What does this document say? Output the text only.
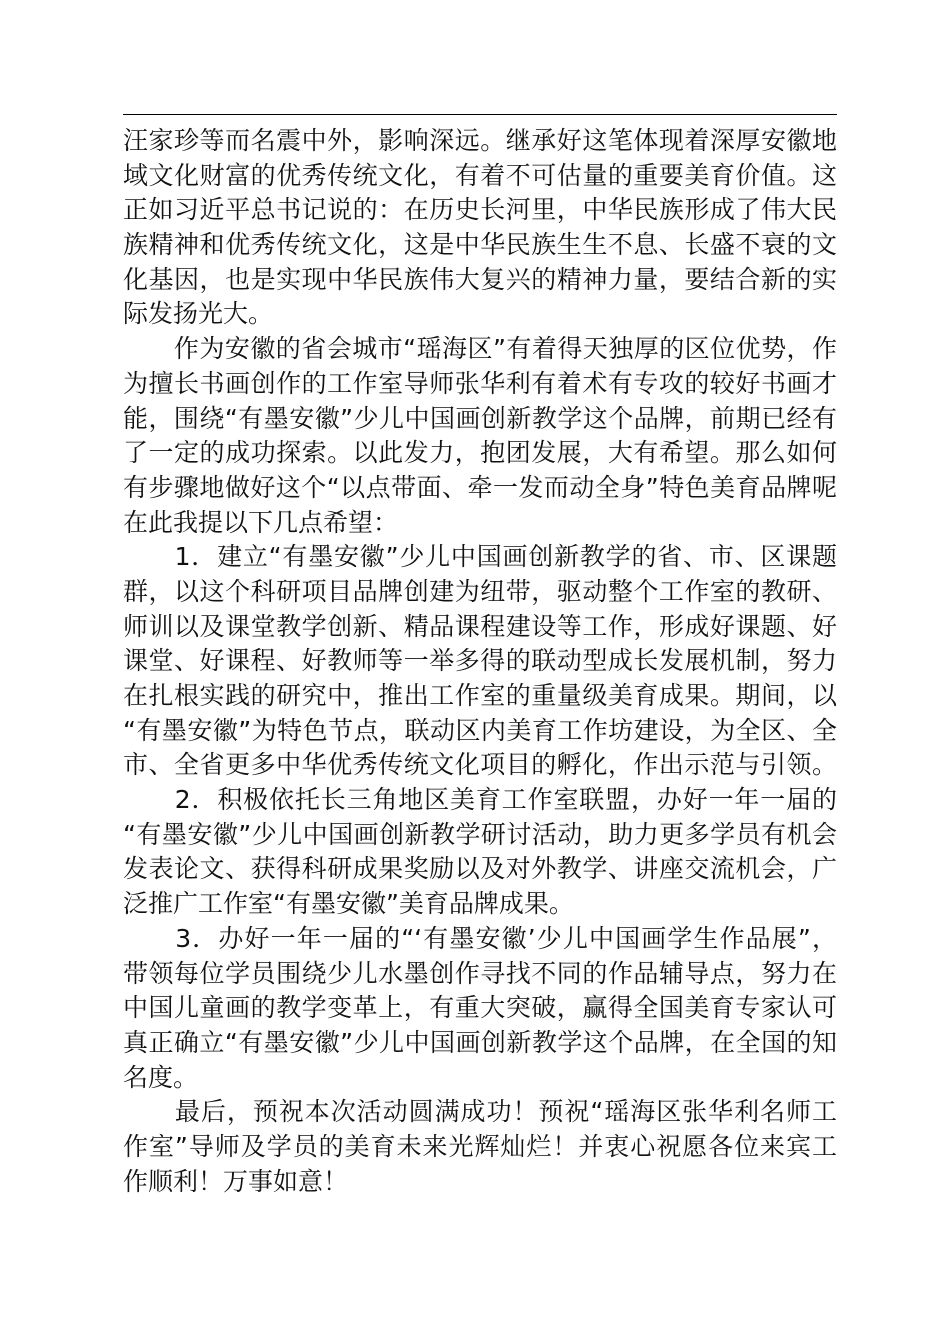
汪家珍等而名震中外，影响深远。继承好这笔体现着深厚安徽地
域文化财富的优秀传统文化，有着不可估量的重要美育价值。这
正如习近平总书记说的：在历史长河里，中华民族形成了伟大民
族精神和优秀传统文化，这是中华民族生生不息、长盛不衰的文
化基因，也是实现中华民族伟大复兴的精神力量，要结合新的实
际发扬光大。
　　作为安徽的省会城市“瑶海区”有着得天独厚的区位优势，作
为擅长书画创作的工作室导师张华利有着术有专攻的较好书画才
能，围绕“有墨安徽”少儿中国画创新教学这个品牌，前期已经有
了一定的成功探索。以此发力，抱团发展，大有希望。那么如何
有步骤地做好这个“以点带面、牵一发而动全身”特色美育品牌呢
在此我提以下几点希望：
　　1．建立“有墨安徽”少儿中国画创新教学的省、市、区课题
群，以这个科研项目品牌创建为纽带，驱动整个工作室的教研、
师训以及课堂教学创新、精品课程建设等工作，形成好课题、好
课堂、好课程、好教师等一举多得的联动型成长发展机制，努力
在扎根实践的研究中，推出工作室的重量级美育成果。期间，以
“有墨安徽”为特色节点，联动区内美育工作坊建设，为全区、全
市、全省更多中华优秀传统文化项目的孵化，作出示范与引领。
　　2．积极依托长三角地区美育工作室联盟，办好一年一届的
“有墨安徽”少儿中国画创新教学研讨活动，助力更多学员有机会
发表论文、获得科研成果奖励以及对外教学、讲座交流机会，广
泛推广工作室“有墨安徽”美育品牌成果。
　　3．办好一年一届的“‘有墨安徽’少儿中国画学生作品展”，
带领每位学员围绕少儿水墨创作寻找不同的作品辅导点，努力在
中国儿童画的教学变革上，有重大突破，赢得全国美育专家认可
真正确立“有墨安徽”少儿中国画创新教学这个品牌，在全国的知
名度。
　　最后，预祝本次活动圆满成功！预祝“瑶海区张华利名师工
作室”导师及学员的美育未来光辉灿烂！并衷心祝愿各位来宾工
作顺利！万事如意！
